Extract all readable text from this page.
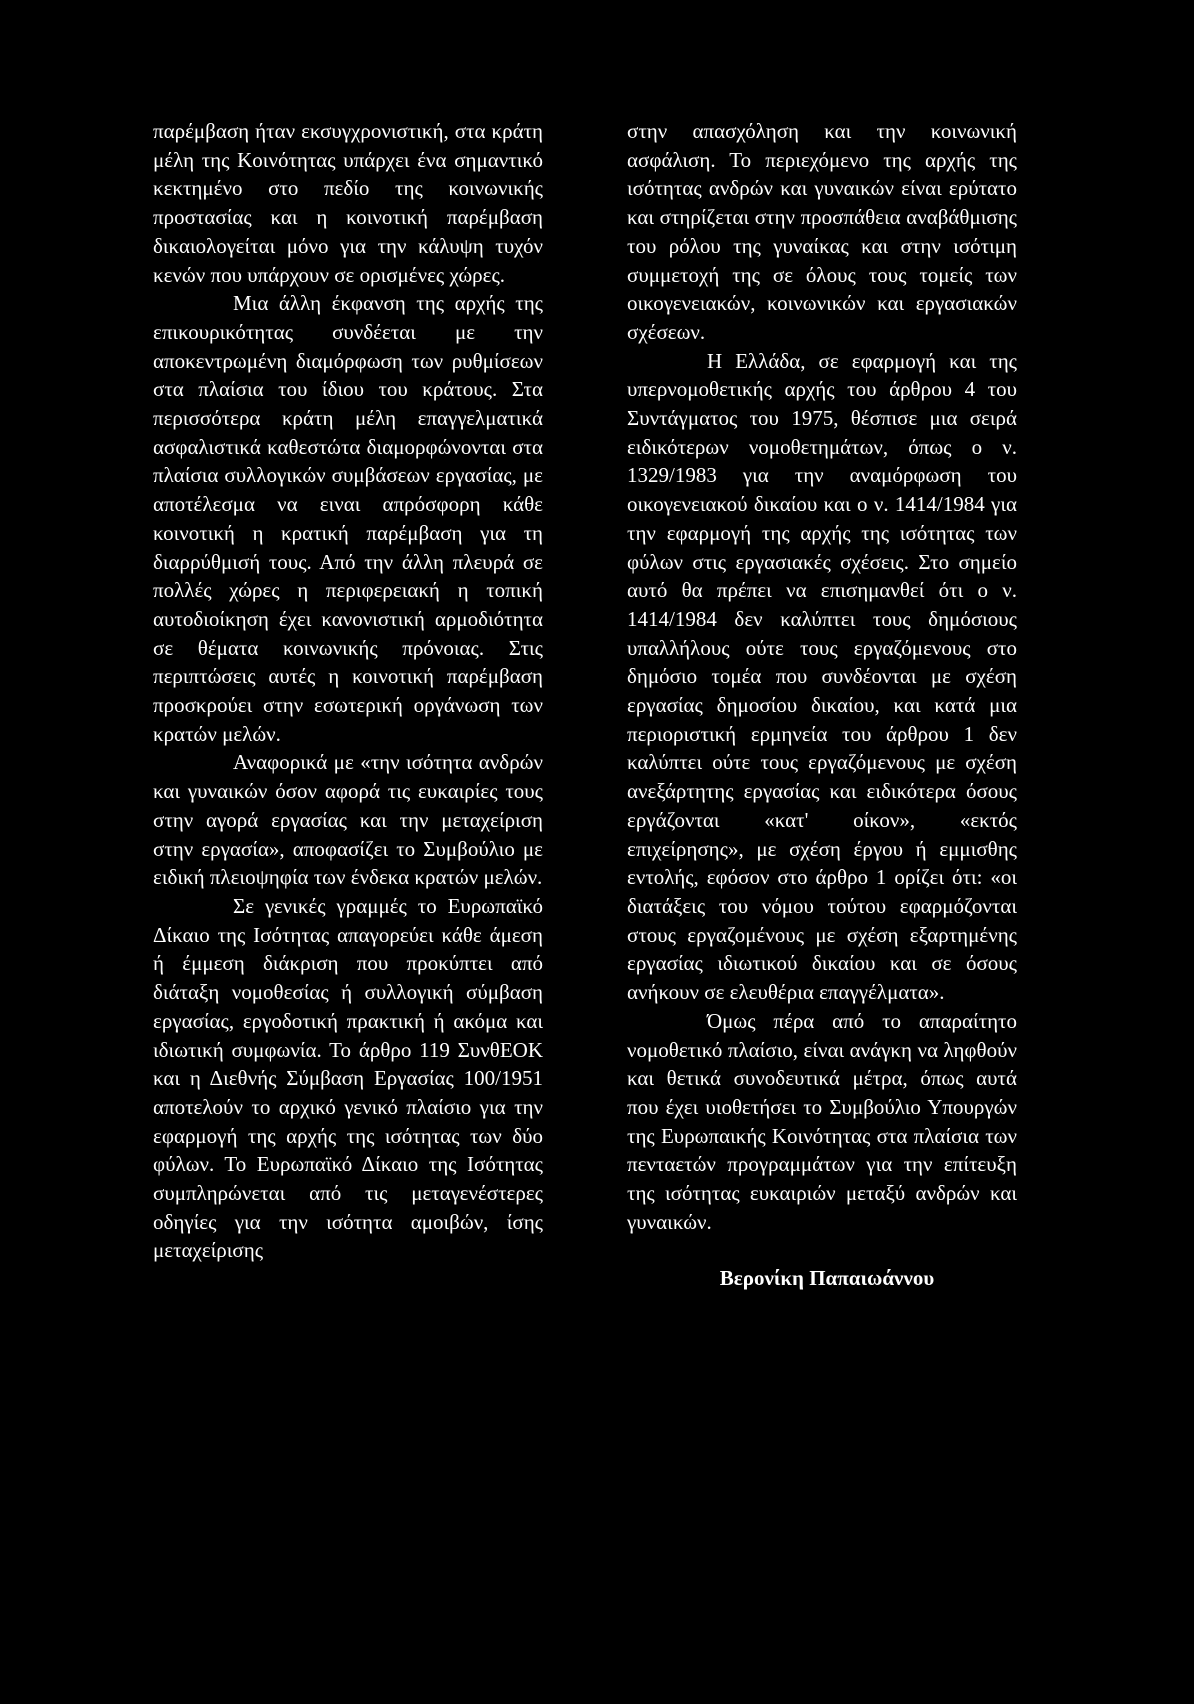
παρέμβαση ήταν εκσυγχρονιστική, στα κράτη μέλη της Κοινότητας υπάρχει ένα σημαντικό κεκτημένο στο πεδίο της κοινωνικής προστασίας και η κοινοτική παρέμβαση δικαιολογείται μόνο για την κάλυψη τυχόν κενών που υπάρχουν σε ορισμένες χώρες.

Μια άλλη έκφανση της αρχής της επικουρικότητας συνδέεται με την αποκεντρωμένη διαμόρφωση των ρυθμίσεων στα πλαίσια του ίδιου του κράτους. Στα περισσότερα κράτη μέλη επαγγελματικά ασφαλιστικά καθεστώτα διαμορφώνονται στα πλαίσια συλλογικών συμβάσεων εργασίας, με αποτέλεσμα να ειναι απρόσφορη κάθε κοινοτική η κρατική παρέμβαση για τη διαρρύθμισή τους. Από την άλλη πλευρά σε πολλές χώρες η περιφερειακή η τοπική αυτοδιοίκηση έχει κανονιστική αρμοδιότητα σε θέματα κοινωνικής πρόνοιας. Στις περιπτώσεις αυτές η κοινοτική παρέμβαση προσκρούει στην εσωτερική οργάνωση των κρατών μελών.

Αναφορικά με «την ισότητα ανδρών και γυναικών όσον αφορά τις ευκαιρίες τους στην αγορά εργασίας και την μεταχείριση στην εργασία», αποφασίζει το Συμβούλιο με ειδική πλειοψηφία των ένδεκα κρατών μελών.

Σε γενικές γραμμές το Ευρωπαϊκό Δίκαιο της Ισότητας απαγορεύει κάθε άμεση ή έμμεση διάκριση που προκύπτει από διάταξη νομοθεσίας ή συλλογική σύμβαση εργασίας, εργοδοτική πρακτική ή ακόμα και ιδιωτική συμφωνία. Το άρθρο 119 ΣυνθΕΟΚ και η Διεθνής Σύμβαση Εργασίας 100/1951 αποτελούν το αρχικό γενικό πλαίσιο για την εφαρμογή της αρχής της ισότητας των δύο φύλων. Το Ευρωπαϊκό Δίκαιο της Ισότητας συμπληρώνεται από τις μεταγενέστερες οδηγίες για την ισότητα αμοιβών, ίσης μεταχείρισης

στην απασχόληση και την κοινωνική ασφάλιση. Το περιεχόμενο της αρχής της ισότητας ανδρών και γυναικών είναι ερύτατο και στηρίζεται στην προσπάθεια αναβάθμισης του ρόλου της γυναίκας και στην ισότιμη συμμετοχή της σε όλους τους τομείς των οικογενειακών, κοινωνικών και εργασιακών σχέσεων.

Η Ελλάδα, σε εφαρμογή και της υπερνομοθετικής αρχής του άρθρου 4 του Συντάγματος του 1975, θέσπισε μια σειρά ειδικότερων νομοθετημάτων, όπως ο ν. 1329/1983 για την αναμόρφωση του οικογενειακού δικαίου και ο ν. 1414/1984 για την εφαρμογή της αρχής της ισότητας των φύλων στις εργασιακές σχέσεις. Στο σημείο αυτό θα πρέπει να επισημανθεί ότι ο ν. 1414/1984 δεν καλύπτει τους δημόσιους υπαλλήλους ούτε τους εργαζόμενους στο δημόσιο τομέα που συνδέονται με σχέση εργασίας δημοσίου δικαίου, και κατά μια περιοριστική ερμηνεία του άρθρου 1 δεν καλύπτει ούτε τους εργαζόμενους με σχέση ανεξάρτητης εργασίας και ειδικότερα όσους εργάζονται «κατ' οίκον», «εκτός επιχείρησης», με σχέση έργου ή εμμισθης εντολής, εφόσον στο άρθρο 1 ορίζει ότι: «οι διατάξεις του νόμου τούτου εφαρμόζονται στους εργαζομένους με σχέση εξαρτημένης εργασίας ιδιωτικού δικαίου και σε όσους ανήκουν σε ελευθέρια επαγγέλματα».

Όμως πέρα από το απαραίτητο νομοθετικό πλαίσιο, είναι ανάγκη να ληφθούν και θετικά συνοδευτικά μέτρα, όπως αυτά που έχει υιοθετήσει το Συμβούλιο Υπουργών της Ευρωπαικής Κοινότητας στα πλαίσια των πενταετών προγραμμάτων για την επίτευξη της ισότητας ευκαιριών μεταξύ ανδρών και γυναικών.

Βερονίκη Παπαιωάννου
